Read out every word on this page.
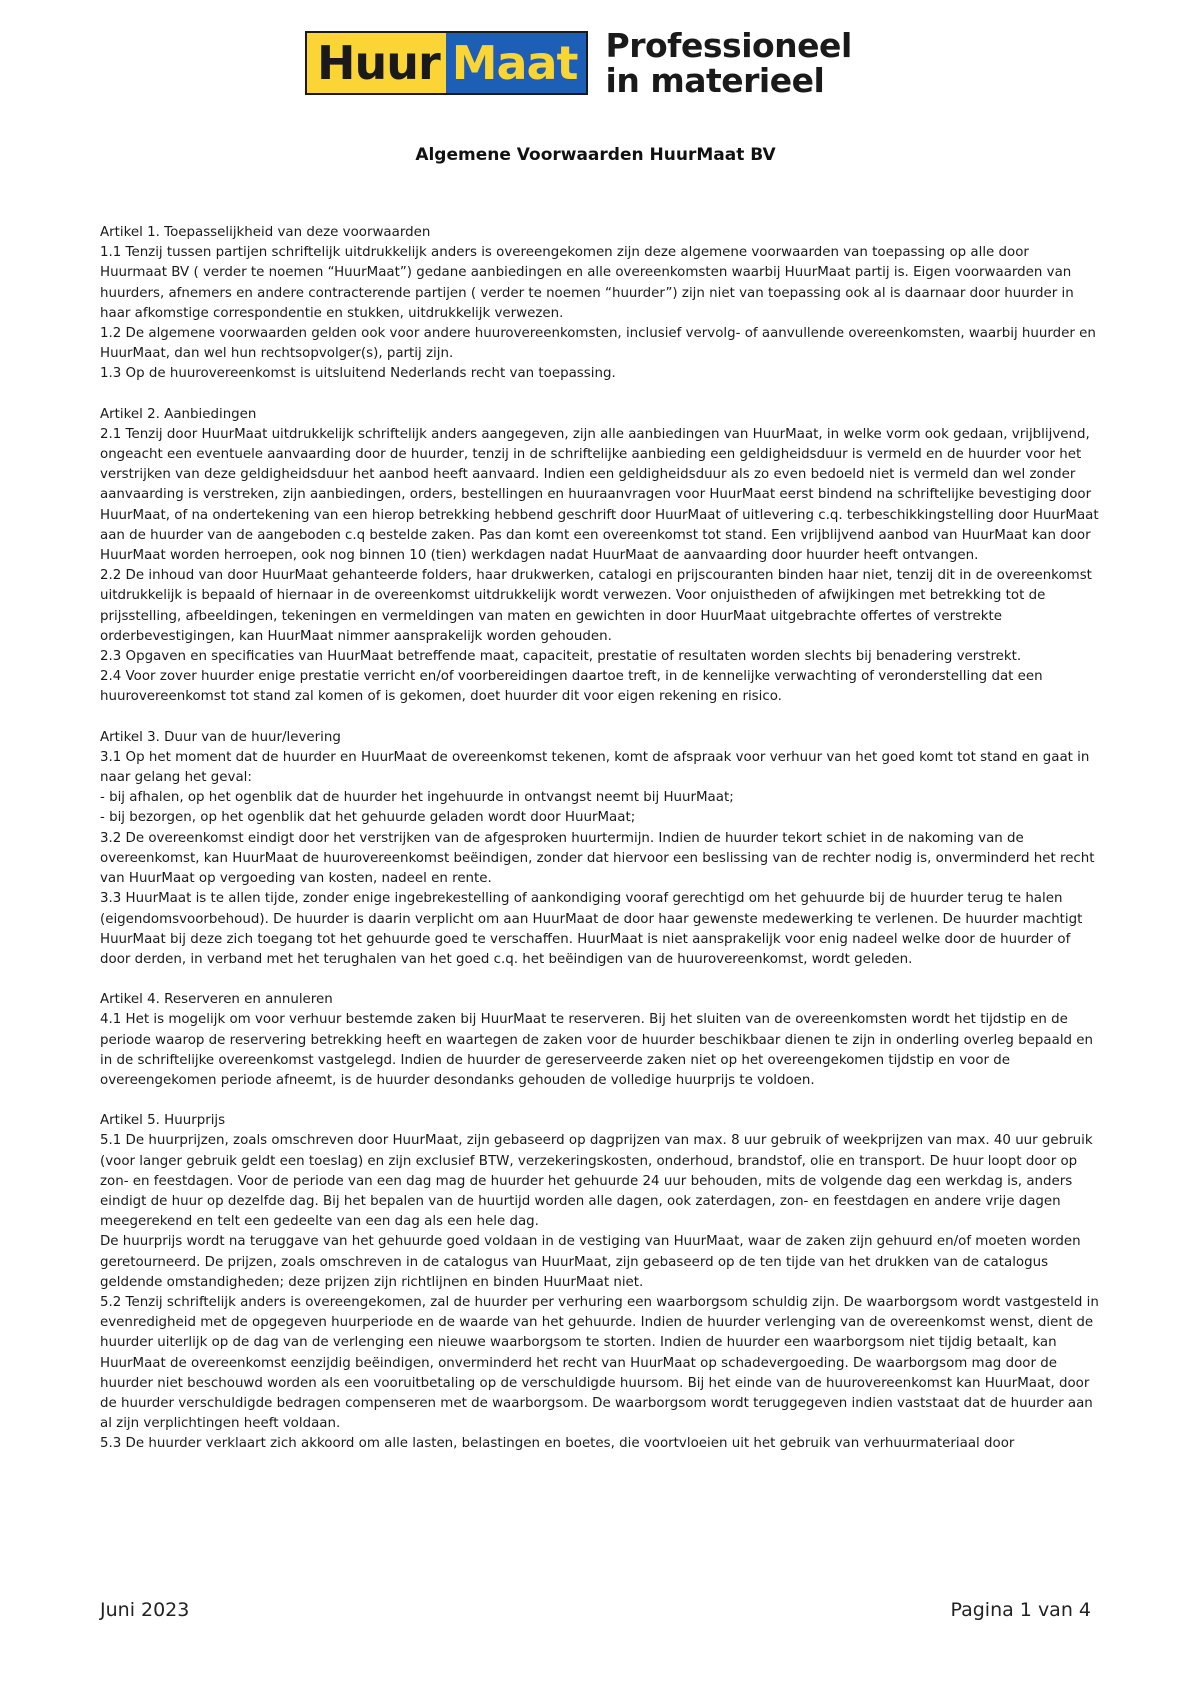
Huur Maat Professioneel
in materieel
Algemene Voorwaarden HuurMaat BV

Artikel 1. Toepasselijkheid van deze voorwaarden

1.1 Tenzij tussen partijen schriftelijk uitdrukkelijk anders is overeengekomen zijn deze algemene voorwaarden van toepassing op alle door Huurmaat BV ( verder te noemen “HuurMaat”) gedane aanbiedingen en alle overeenkomsten waarbij HuurMaat partij is. Eigen voorwaarden van huurders, afnemers en andere contracterende partijen ( verder te noemen “huurder”) zijn niet van toepassing ook al is daarnaar door huurder in haar afkomstige correspondentie en stukken, uitdrukkelijk verwezen.

1.2 De algemene voorwaarden gelden ook voor andere huurovereenkomsten, inclusief vervolg- of aanvullende overeenkomsten, waarbij huurder en HuurMaat, dan wel hun rechtsopvolger(s), partij zijn.

1.3 Op de huurovereenkomst is uitsluitend Nederlands recht van toepassing.

Artikel 2. Aanbiedingen

2.1 Tenzij door HuurMaat uitdrukkelijk schriftelijk anders aangegeven, zijn alle aanbiedingen van HuurMaat, in welke vorm ook gedaan, vrijblijvend, ongeacht een eventuele aanvaarding door de huurder, tenzij in de schriftelijke aanbieding een geldigheidsduur is vermeld en de huurder voor het verstrijken van deze geldigheidsduur het aanbod heeft aanvaard. Indien een geldigheidsduur als zo even bedoeld niet is vermeld dan wel zonder aanvaarding is verstreken, zijn aanbiedingen, orders, bestellingen en huuraanvragen voor HuurMaat eerst bindend na schriftelijke bevestiging door HuurMaat, of na ondertekening van een hierop betrekking hebbend geschrift door HuurMaat of uitlevering c.q. terbeschikkingstelling door HuurMaat aan de huurder van de aangeboden c.q bestelde zaken. Pas dan komt een overeenkomst tot stand. Een vrijblijvend aanbod van HuurMaat kan door HuurMaat worden herroepen, ook nog binnen 10 (tien) werkdagen nadat HuurMaat de aanvaarding door huurder heeft ontvangen.

2.2 De inhoud van door HuurMaat gehanteerde folders, haar drukwerken, catalogi en prijscouranten binden haar niet, tenzij dit in de overeenkomst uitdrukkelijk is bepaald of hiernaar in de overeenkomst uitdrukkelijk wordt verwezen. Voor onjuistheden of afwijkingen met betrekking tot de prijsstelling, afbeeldingen, tekeningen en vermeldingen van maten en gewichten in door HuurMaat uitgebrachte offertes of verstrekte orderbevestigingen, kan HuurMaat nimmer aansprakelijk worden gehouden.

2.3 Opgaven en specificaties van HuurMaat betreffende maat, capaciteit, prestatie of resultaten worden slechts bij benadering verstrekt.

2.4 Voor zover huurder enige prestatie verricht en/of voorbereidingen daartoe treft, in de kennelijke verwachting of veronderstelling dat een huurovereenkomst tot stand zal komen of is gekomen, doet huurder dit voor eigen rekening en risico.

Artikel 3. Duur van de huur/levering

3.1 Op het moment dat de huurder en HuurMaat de overeenkomst tekenen, komt de afspraak voor verhuur van het goed komt tot stand en gaat in naar gelang het geval:

- bij afhalen, op het ogenblik dat de huurder het ingehuurde in ontvangst neemt bij HuurMaat;

- bij bezorgen, op het ogenblik dat het gehuurde geladen wordt door HuurMaat;

3.2 De overeenkomst eindigt door het verstrijken van de afgesproken huurtermijn. Indien de huurder tekort schiet in de nakoming van de overeenkomst, kan HuurMaat de huurovereenkomst beëindigen, zonder dat hiervoor een beslissing van de rechter nodig is, onverminderd het recht van HuurMaat op vergoeding van kosten, nadeel en rente.

3.3 HuurMaat is te allen tijde, zonder enige ingebrekestelling of aankondiging vooraf gerechtigd om het gehuurde bij de huurder terug te halen (eigendomsvoorbehoud). De huurder is daarin verplicht om aan HuurMaat de door haar gewenste medewerking te verlenen. De huurder machtigt HuurMaat bij deze zich toegang tot het gehuurde goed te verschaffen. HuurMaat is niet aansprakelijk voor enig nadeel welke door de huurder of door derden, in verband met het terughalen van het goed c.q. het beëindigen van de huurovereenkomst, wordt geleden.

Artikel 4. Reserveren en annuleren

4.1 Het is mogelijk om voor verhuur bestemde zaken bij HuurMaat te reserveren. Bij het sluiten van de overeenkomsten wordt het tijdstip en de periode waarop de reservering betrekking heeft en waartegen de zaken voor de huurder beschikbaar dienen te zijn in onderling overleg bepaald en in de schriftelijke overeenkomst vastgelegd. Indien de huurder de gereserveerde zaken niet op het overeengekomen tijdstip en voor de overeengekomen periode afneemt, is de huurder desondanks gehouden de volledige huurprijs te voldoen.

Artikel 5. Huurprijs

5.1 De huurprijzen, zoals omschreven door HuurMaat, zijn gebaseerd op dagprijzen van max. 8 uur gebruik of weekprijzen van max. 40 uur gebruik (voor langer gebruik geldt een toeslag) en zijn exclusief BTW, verzekeringskosten, onderhoud, brandstof, olie en transport. De huur loopt door op zon- en feestdagen. Voor de periode van een dag mag de huurder het gehuurde 24 uur behouden, mits de volgende dag een werkdag is, anders eindigt de huur op dezelfde dag. Bij het bepalen van de huurtijd worden alle dagen, ook zaterdagen, zon- en feestdagen en andere vrije dagen meegerekend en telt een gedeelte van een dag als een hele dag.

De huurprijs wordt na teruggave van het gehuurde goed voldaan in de vestiging van HuurMaat, waar de zaken zijn gehuurd en/of moeten worden geretourneerd. De prijzen, zoals omschreven in de catalogus van HuurMaat, zijn gebaseerd op de ten tijde van het drukken van de catalogus geldende omstandigheden; deze prijzen zijn richtlijnen en binden HuurMaat niet.

5.2 Tenzij schriftelijk anders is overeengekomen, zal de huurder per verhuring een waarborgsom schuldig zijn. De waarborgsom wordt vastgesteld in evenredigheid met de opgegeven huurperiode en de waarde van het gehuurde. Indien de huurder verlenging van de overeenkomst wenst, dient de huurder uiterlijk op de dag van de verlenging een nieuwe waarborgsom te storten. Indien de huurder een waarborgsom niet tijdig betaalt, kan HuurMaat de overeenkomst eenzijdig beëindigen, onverminderd het recht van HuurMaat op schadevergoeding. De waarborgsom mag door de huurder niet beschouwd worden als een vooruitbetaling op de verschuldigde huursom. Bij het einde van de huurovereenkomst kan HuurMaat, door de huurder verschuldigde bedragen compenseren met de waarborgsom. De waarborgsom wordt teruggegeven indien vaststaat dat de huurder aan al zijn verplichtingen heeft voldaan.

5.3 De huurder verklaart zich akkoord om alle lasten, belastingen en boetes, die voortvloeien uit het gebruik van verhuurmateriaal door

Juni 2023	Pagina 1 van 4
